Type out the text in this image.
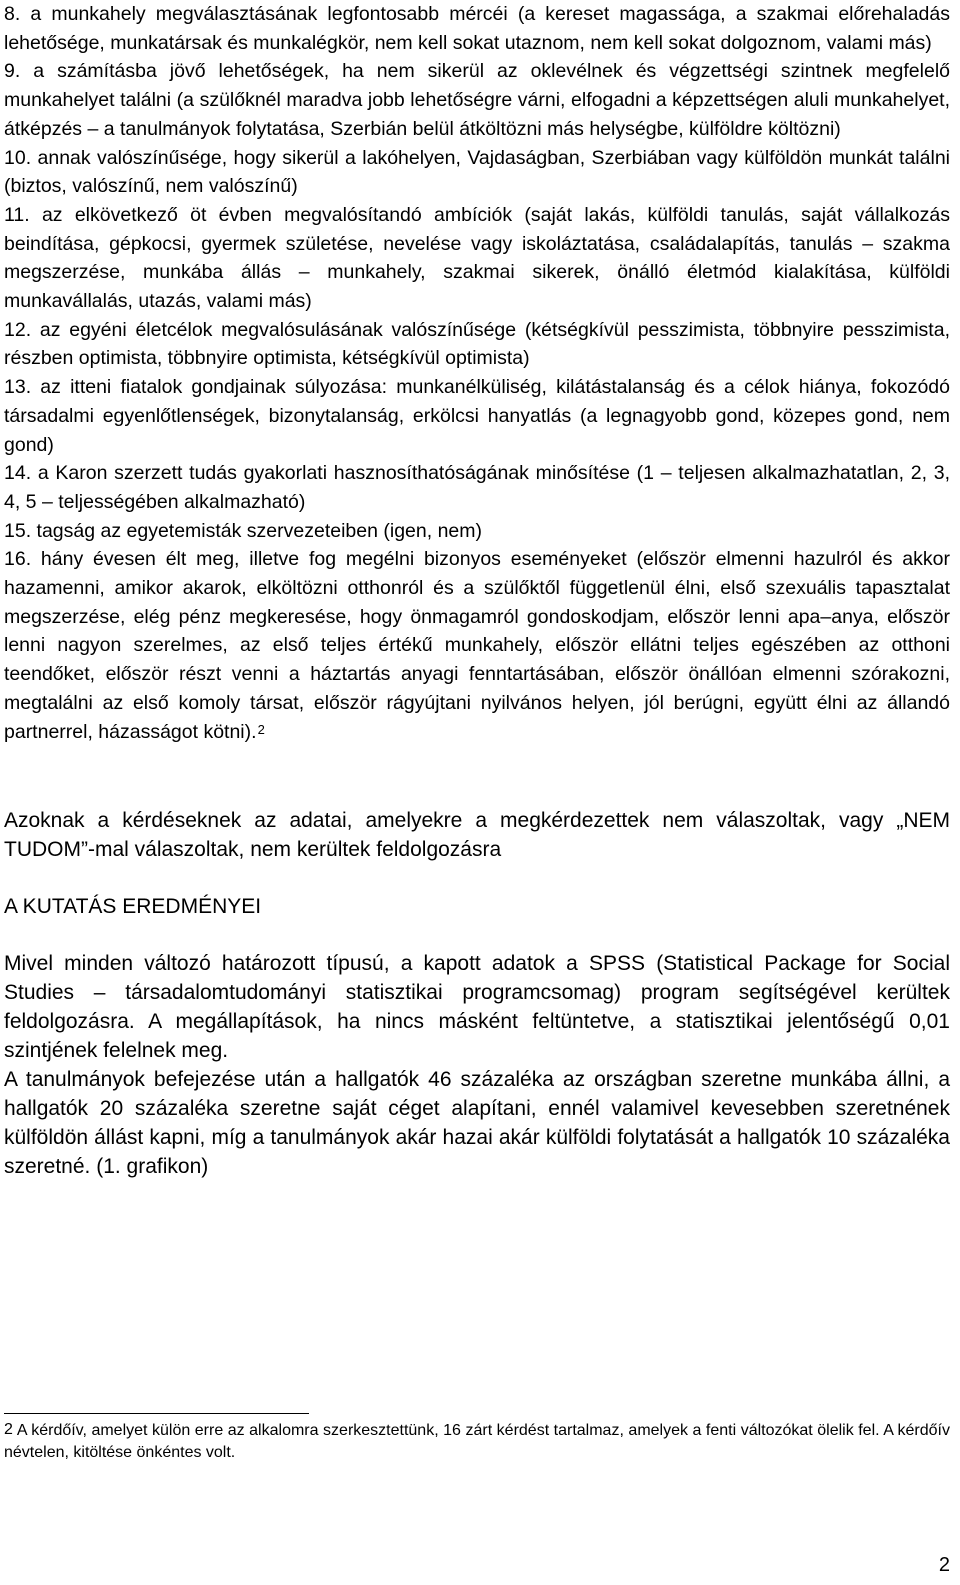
8. a munkahely megválasztásának legfontosabb mércéi (a kereset magassága, a szakmai előrehaladás lehetősége, munkatársak és munkalégkör, nem kell sokat utaznom, nem kell sokat dolgoznom, valami más)

9. a számításba jövő lehetőségek, ha nem sikerül az oklevélnek és végzettségi szintnek megfelelő munkahelyet találni (a szülőknél maradva jobb lehetőségre várni, elfogadni a képzettségen aluli munkahelyet, átképzés – a tanulmányok folytatása, Szerbián belül átköltözni más helységbe, külföldre költözni)

10. annak valószínűsége, hogy sikerül a lakóhelyen, Vajdaságban, Szerbiában vagy külföldön munkát találni (biztos, valószínű, nem valószínű)

11. az elkövetkező öt évben megvalósítandó ambíciók (saját lakás, külföldi tanulás, saját vállalkozás beindítása, gépkocsi, gyermek születése, nevelése vagy iskoláztatása, családalapítás, tanulás – szakma megszerzése, munkába állás – munkahely, szakmai sikerek, önálló életmód kialakítása, külföldi munkavállalás, utazás, valami más)

12. az egyéni életcélok megvalósulásának valószínűsége (kétségkívül pesszimista, többnyire pesszimista, részben optimista, többnyire optimista, kétségkívül optimista)

13. az itteni fiatalok gondjainak súlyozása: munkanélküliség, kilátástalanság és a célok hiánya, fokozódó társadalmi egyenlőtlenségek, bizonytalanság, erkölcsi hanyatlás (a legnagyobb gond, közepes gond, nem gond)

14. a Karon szerzett tudás gyakorlati hasznosíthatóságának minősítése (1 – teljesen alkalmazhatatlan, 2, 3, 4, 5 – teljességében alkalmazható)

15. tagság az egyetemisták szervezeteiben (igen, nem)

16. hány évesen élt meg, illetve fog megélni bizonyos eseményeket (először elmenni hazulról és akkor hazamenni, amikor akarok, elköltözni otthonról és a szülőktől függetlenül élni, első szexuális tapasztalat megszerzése, elég pénz megkeresése, hogy önmagamról gondoskodjam, először lenni apa–anya, először lenni nagyon szerelmes, az első teljes értékű munkahely, először ellátni teljes egészében az otthoni teendőket, először részt venni a háztartás anyagi fenntartásában, először önállóan elmenni szórakozni, megtalálni az első komoly társat, először rágyújtani nyilvános helyen, jól berúgni, együtt élni az állandó partnerrel, házasságot kötni).$^2$

Azoknak a kérdéseknek az adatai, amelyekre a megkérdezettek nem válaszoltak, vagy „NEM TUDOM”-mal válaszoltak, nem kerültek feldolgozásra

A KUTATÁS EREDMÉNYEI

Mivel minden változó határozott típusú, a kapott adatok a SPSS (Statistical Package for Social Studies – társadalomtudományi statisztikai programcsomag) program segítségével kerültek feldolgozásra. A megállapítások, ha nincs másként feltüntetve, a statisztikai jelentőségű 0,01 szintjének felelnek meg.

A tanulmányok befejezése után a hallgatók 46 százaléka az országban szeretne munkába állni, a hallgatók 20 százaléka szeretne saját céget alapítani, ennél valamivel kevesebben szeretnének külföldön állást kapni, míg a tanulmányok akár hazai akár külföldi folytatását a hallgatók 10 százaléka szeretné. (1. grafikon)

2 A kérdőív, amelyet külön erre az alkalomra szerkesztettünk, 16 zárt kérdést tartalmaz, amelyek a fenti változókat ölelik fel. A kérdőív névtelen, kitöltése önkéntes volt.
2
